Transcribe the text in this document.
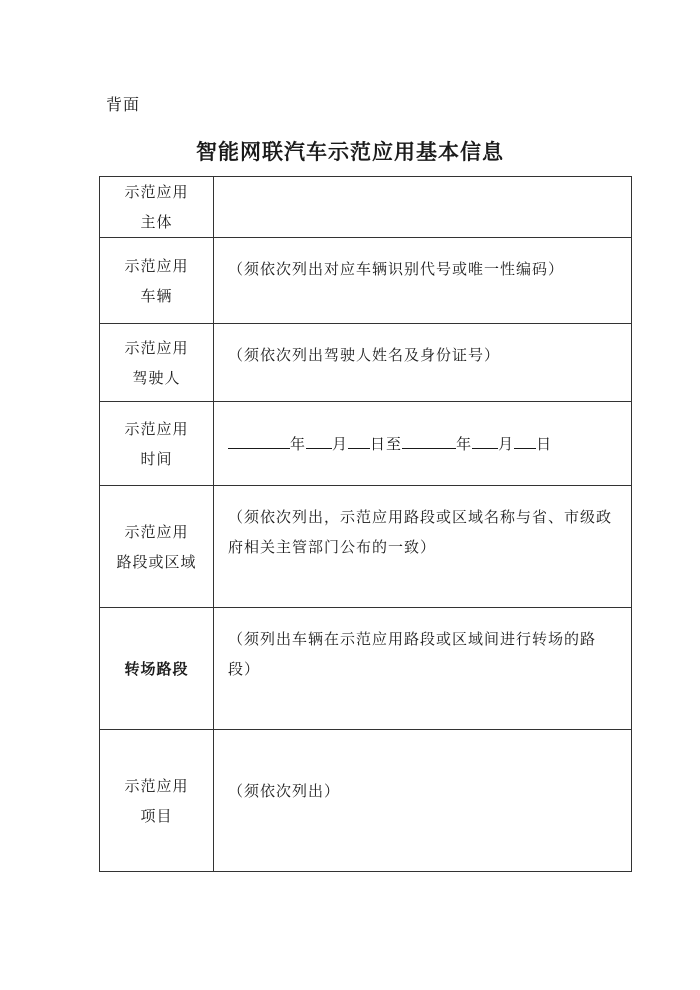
背面
智能网联汽车示范应用基本信息
示范应用
主体	
示范应用
车辆	（须依次列出对应车辆识别代号或唯一性编码）
示范应用
驾驶人	（须依次列出驾驶人姓名及身份证号）
示范应用
时间	年 月 日至 年 月 日
示范应用
路段或区域	（须依次列出，示范应用路段或区域名称与省、市级政府相关主管部门公布的一致）
转场路段	（须列出车辆在示范应用路段或区域间进行转场的路段）
示范应用
项目	（须依次列出）
